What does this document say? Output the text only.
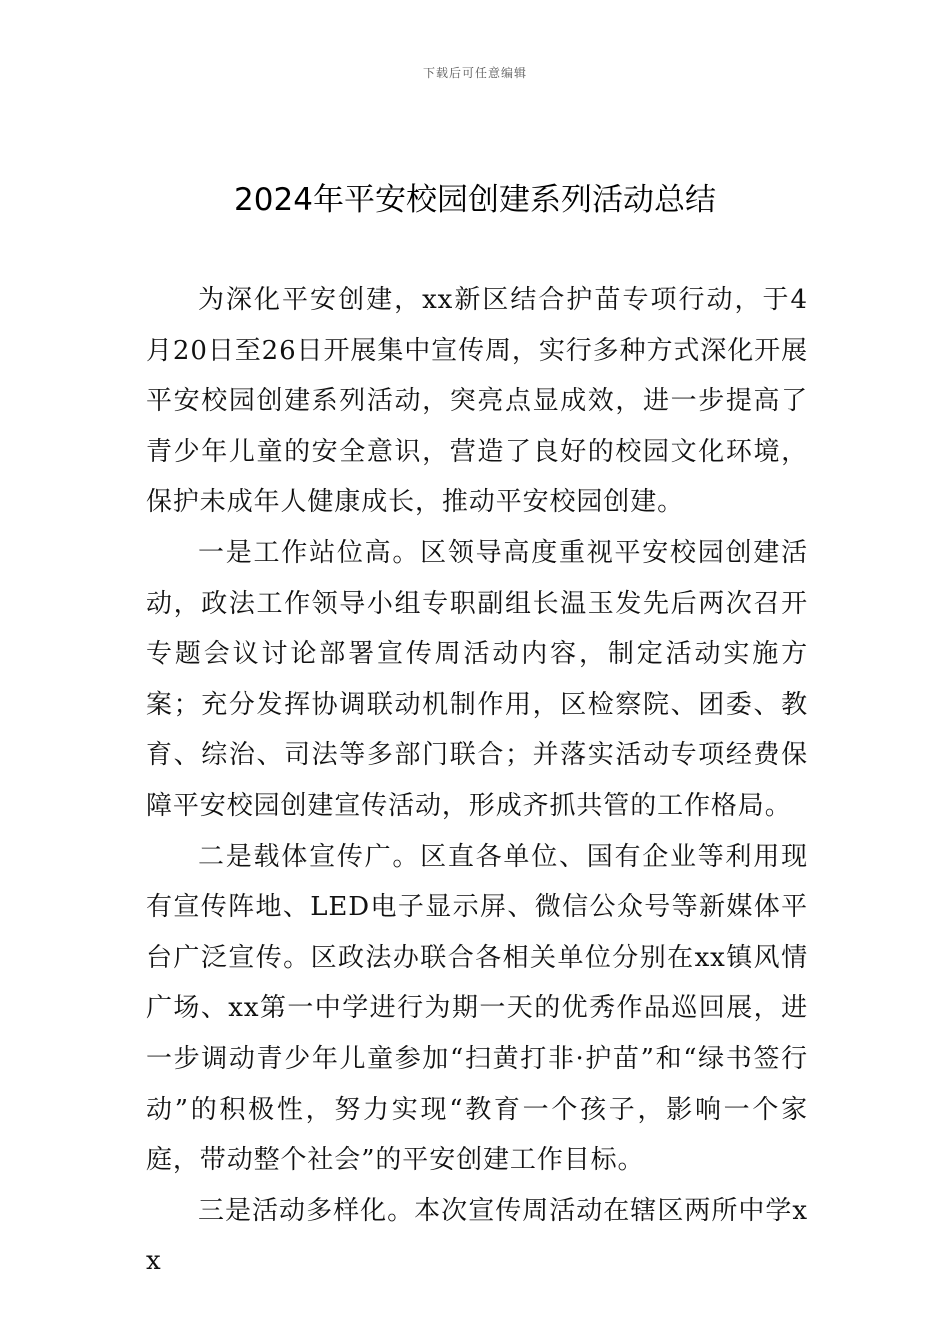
下载后可任意编辑
2024年平安校园创建系列活动总结

为深化平安创建，xx新区结合护苗专项行动，于4月20日至26日开展集中宣传周，实行多种方式深化开展平安校园创建系列活动，突亮点显成效，进一步提高了青少年儿童的安全意识，营造了良好的校园文化环境，保护未成年人健康成长，推动平安校园创建。

一是工作站位高。区领导高度重视平安校园创建活动，政法工作领导小组专职副组长温玉发先后两次召开专题会议讨论部署宣传周活动内容，制定活动实施方案；充分发挥协调联动机制作用，区检察院、团委、教育、综治、司法等多部门联合；并落实活动专项经费保障平安校园创建宣传活动，形成齐抓共管的工作格局。

二是载体宣传广。区直各单位、国有企业等利用现有宣传阵地、LED电子显示屏、微信公众号等新媒体平台广泛宣传。区政法办联合各相关单位分别在xx镇风情广场、xx第一中学进行为期一天的优秀作品巡回展，进一步调动青少年儿童参加“扫黄打非·护苗”和“绿书签行动”的积极性，努力实现“教育一个孩子，影响一个家庭，带动整个社会”的平安创建工作目标。

三是活动多样化。本次宣传周活动在辖区两所中学xx
